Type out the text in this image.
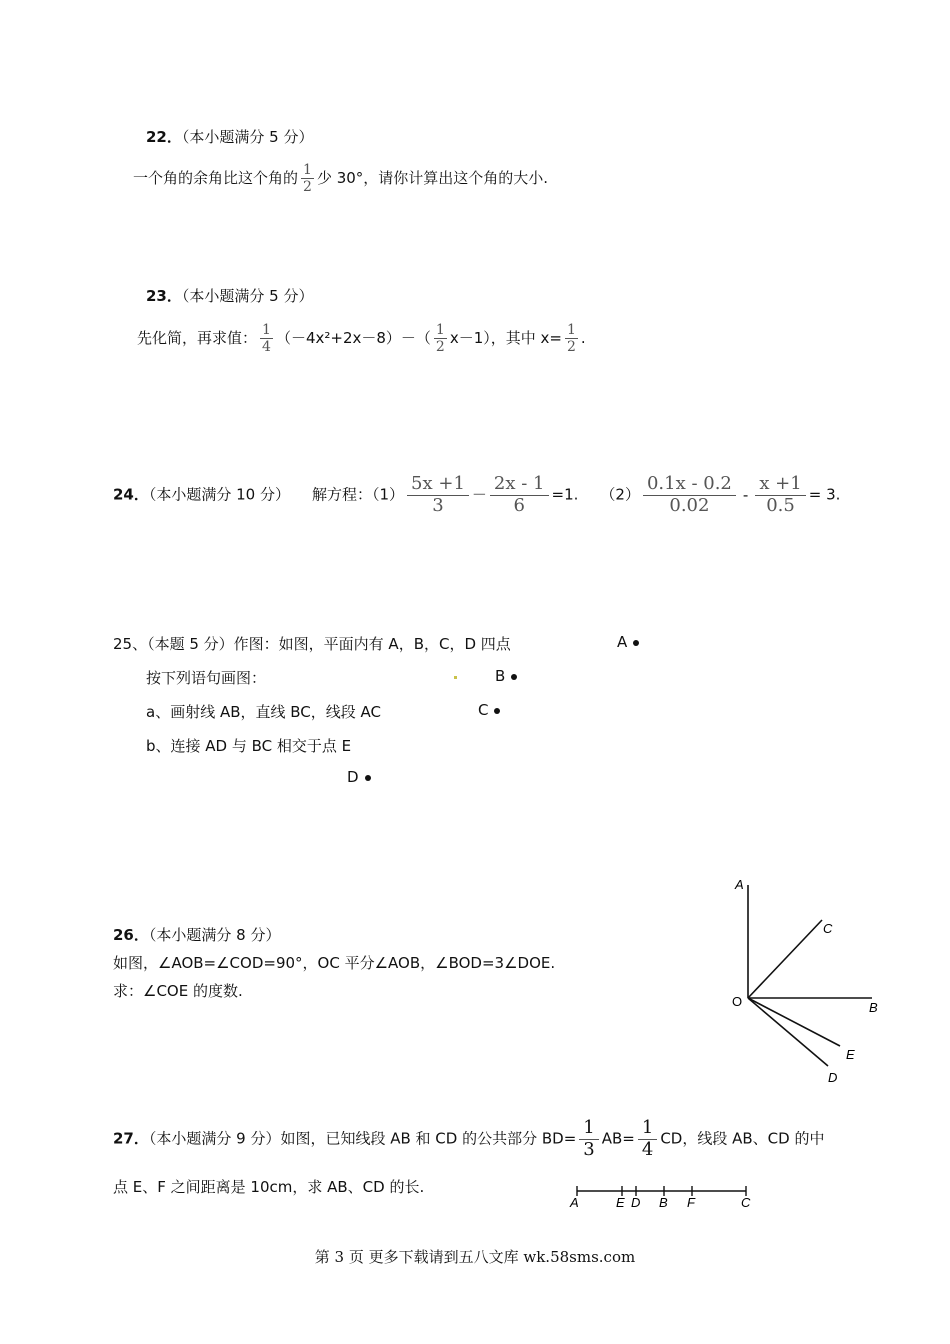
22．（本小题满分 5 分）
一个角的余角比这个角的 $\frac{1}{2}$ 少 30°，请你计算出这个角的大小.
23．（本小题满分 5 分）
先化简，再求值： $\frac{1}{4} (-4x^2+2x-8)-( \frac{1}{2} x-1)$，其中 $x= \frac{1}{2}$ .
24．（本小题满分 10 分） 解方程：$(1) \frac{5x +1}{3} - \frac{2x - 1}{6} =1$. $(2) \frac{0.1x - 0.2}{0.02} - \frac{x +1}{0.5} = 3$.
25、（本题 5 分）作图：如图，平面内有 A，B，C，D 四点
按下列语句画图：
a、画射线 AB，直线 BC，线段 AC
b、连接 AD 与 BC 相交于点 E
A
B
C
D
26．（本小题满分 8 分）
如图，∠AOB=∠COD=90°，OC 平分∠AOB，∠BOD=3∠DOE.
求：∠COE 的度数.
A
C
O	B
E
D
27．（本小题满分 9 分）如图，已知线段 AB 和 CD 的公共部分 $BD= \frac{1}{3} AB= \frac{1}{4}$ CD，线段 AB、CD 的中
点 E、F 之间距离是 10cm，求 AB、CD 的长.
A	E D B F	C
第 3 页 更多下载请到五八文库 wk.58sms.com
